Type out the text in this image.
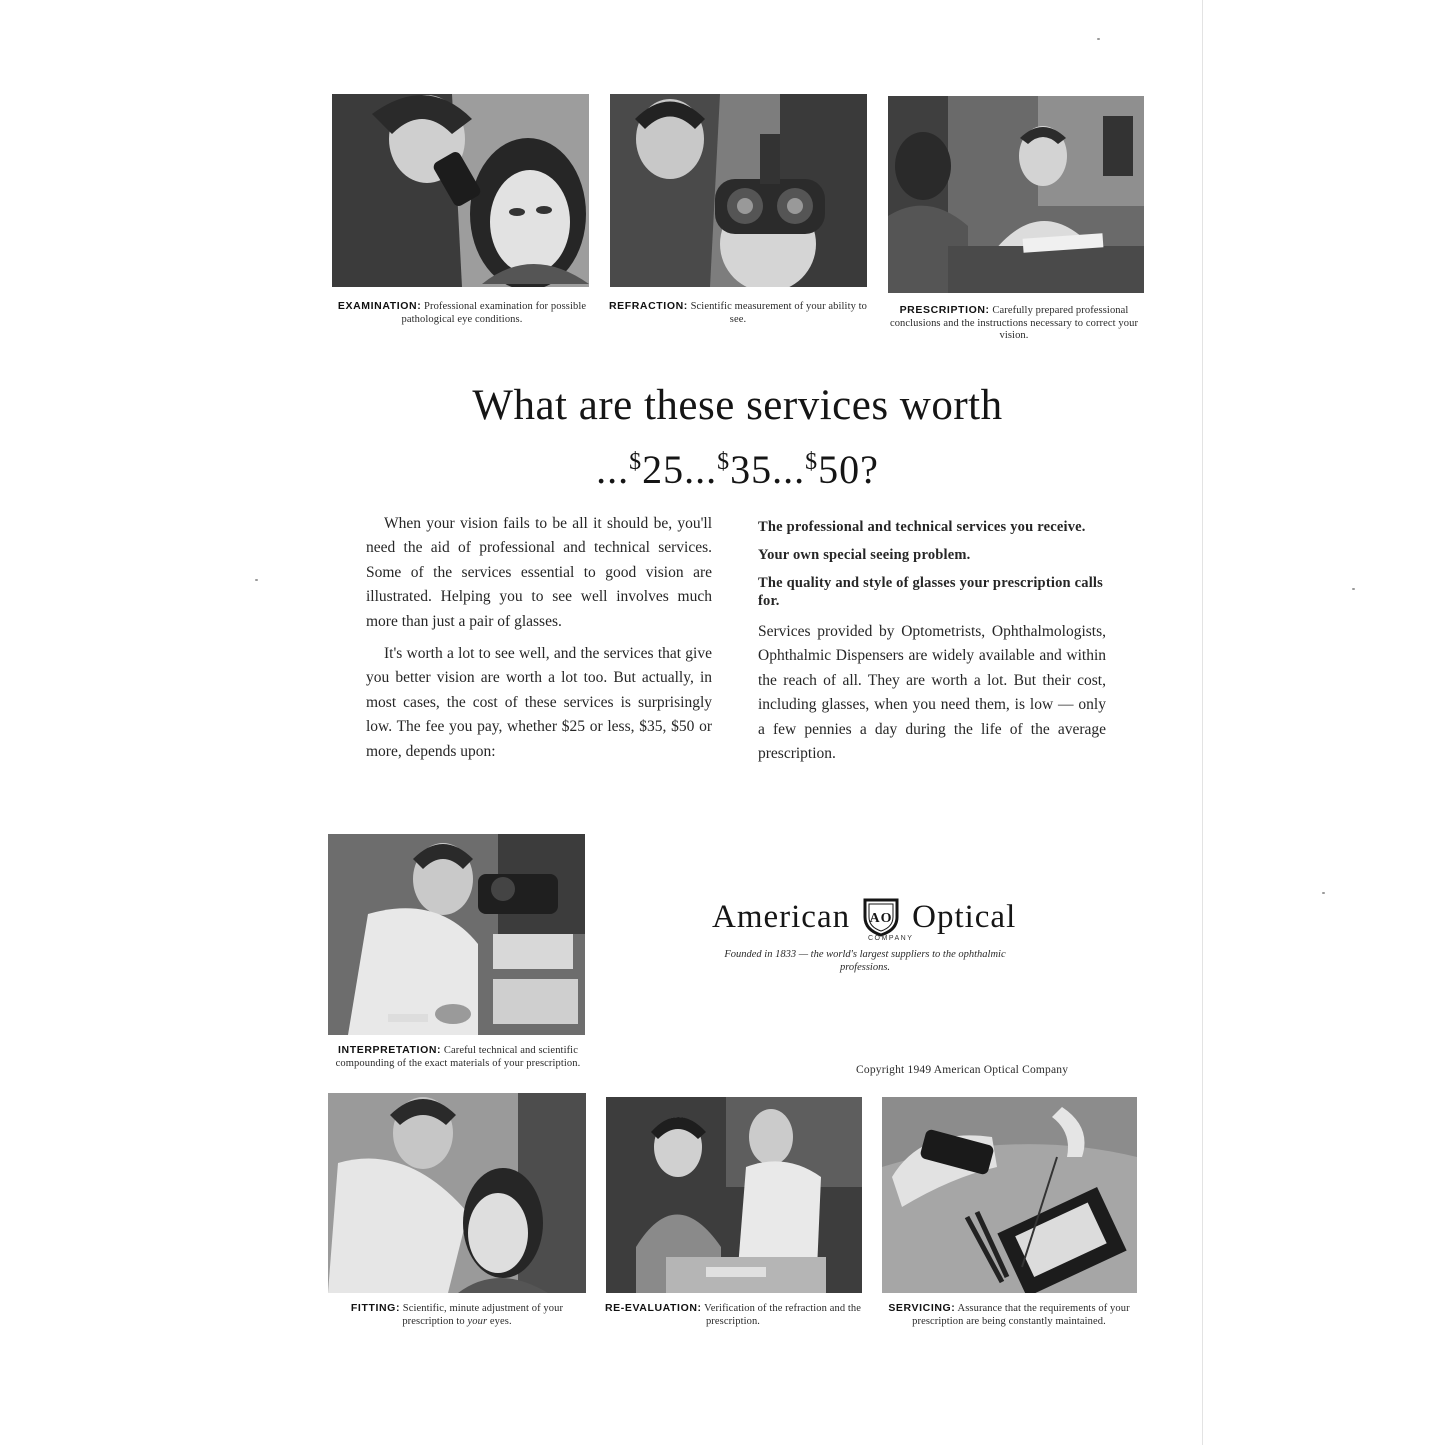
EXAMINATION: Professional examination for possible pathological eye conditions.
REFRACTION: Scientific measurement of your ability to see.
PRESCRIPTION: Carefully prepared professional conclusions and the instructions necessary to correct your vision.
What are these services worth
...$25...$35...$50?

When your vision fails to be all it should be, you'll need the aid of professional and technical services. Some of the services essential to good vision are illustrated. Helping you to see well involves much more than just a pair of glasses.

It's worth a lot to see well, and the services that give you better vision are worth a lot too. But actually, in most cases, the cost of these services is surprisingly low. The fee you pay, whether $25 or less, $35, $50 or more, depends upon:

The professional and technical services you receive.

Your own special seeing problem.

The quality and style of glasses your prescription calls for.

Services provided by Optometrists, Ophthalmologists, Ophthalmic Dispensers are widely available and within the reach of all. They are worth a lot. But their cost, including glasses, when you need them, is low — only a few pennies a day during the life of the average prescription.

INTERPRETATION: Careful technical and scientific compounding of the exact materials of your prescription.
American AO Optical
COMPANY
Founded in 1833 — the world's largest suppliers to the ophthalmic professions.
Copyright 1949 American Optical Company
FITTING: Scientific, minute adjustment of your prescription to your eyes.
RE-EVALUATION: Verification of the refraction and the prescription.
SERVICING: Assurance that the requirements of your prescription are being constantly maintained.
